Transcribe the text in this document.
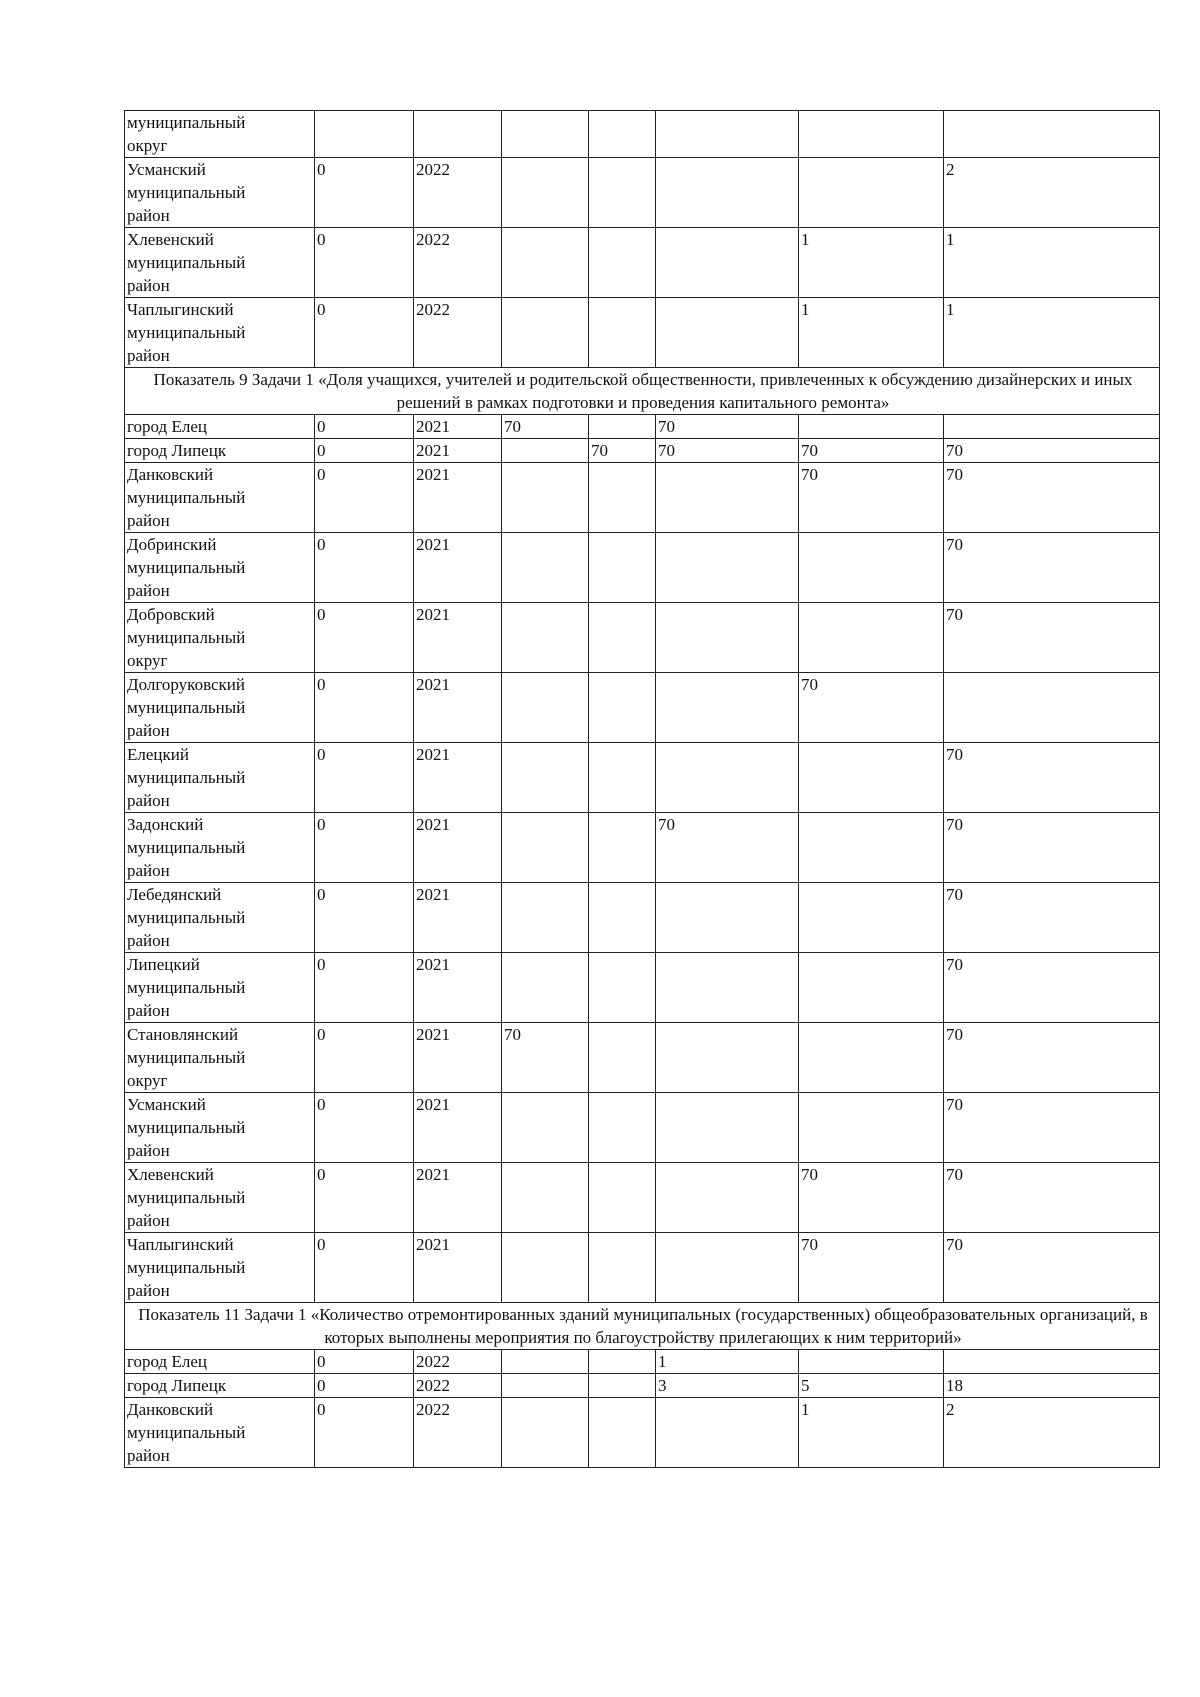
муниципальный
округ							
Усманский
муниципальный
район	0	2022					2
Хлевенский
муниципальный
район	0	2022				1	1
Чаплыгинский
муниципальный
район	0	2022				1	1
Показатель 9 Задачи 1 «Доля учащихся, учителей и родительской общественности, привлеченных к обсуждению дизайнерских и иных решений в рамках подготовки и проведения капитального ремонта»							
город Елец	0	2021	70		70		
город Липецк	0	2021		70	70	70	70
Данковский
муниципальный
район	0	2021				70	70
Добринский
муниципальный
район	0	2021					70
Добровский
муниципальный
округ	0	2021					70
Долгоруковский
муниципальный
район	0	2021				70	
Елецкий
муниципальный
район	0	2021					70
Задонский
муниципальный
район	0	2021			70		70
Лебедянский
муниципальный
район	0	2021					70
Липецкий
муниципальный
район	0	2021					70
Становлянский
муниципальный
округ	0	2021	70				70
Усманский
муниципальный
район	0	2021					70
Хлевенский
муниципальный
район	0	2021				70	70
Чаплыгинский
муниципальный
район	0	2021				70	70
Показатель 11 Задачи 1 «Количество отремонтированных зданий муниципальных (государственных) общеобразовательных организаций, в которых выполнены мероприятия по благоустройству прилегающих к ним территорий»							
город Елец	0	2022			1		
город Липецк	0	2022			3	5	18
Данковский
муниципальный
район	0	2022				1	2
